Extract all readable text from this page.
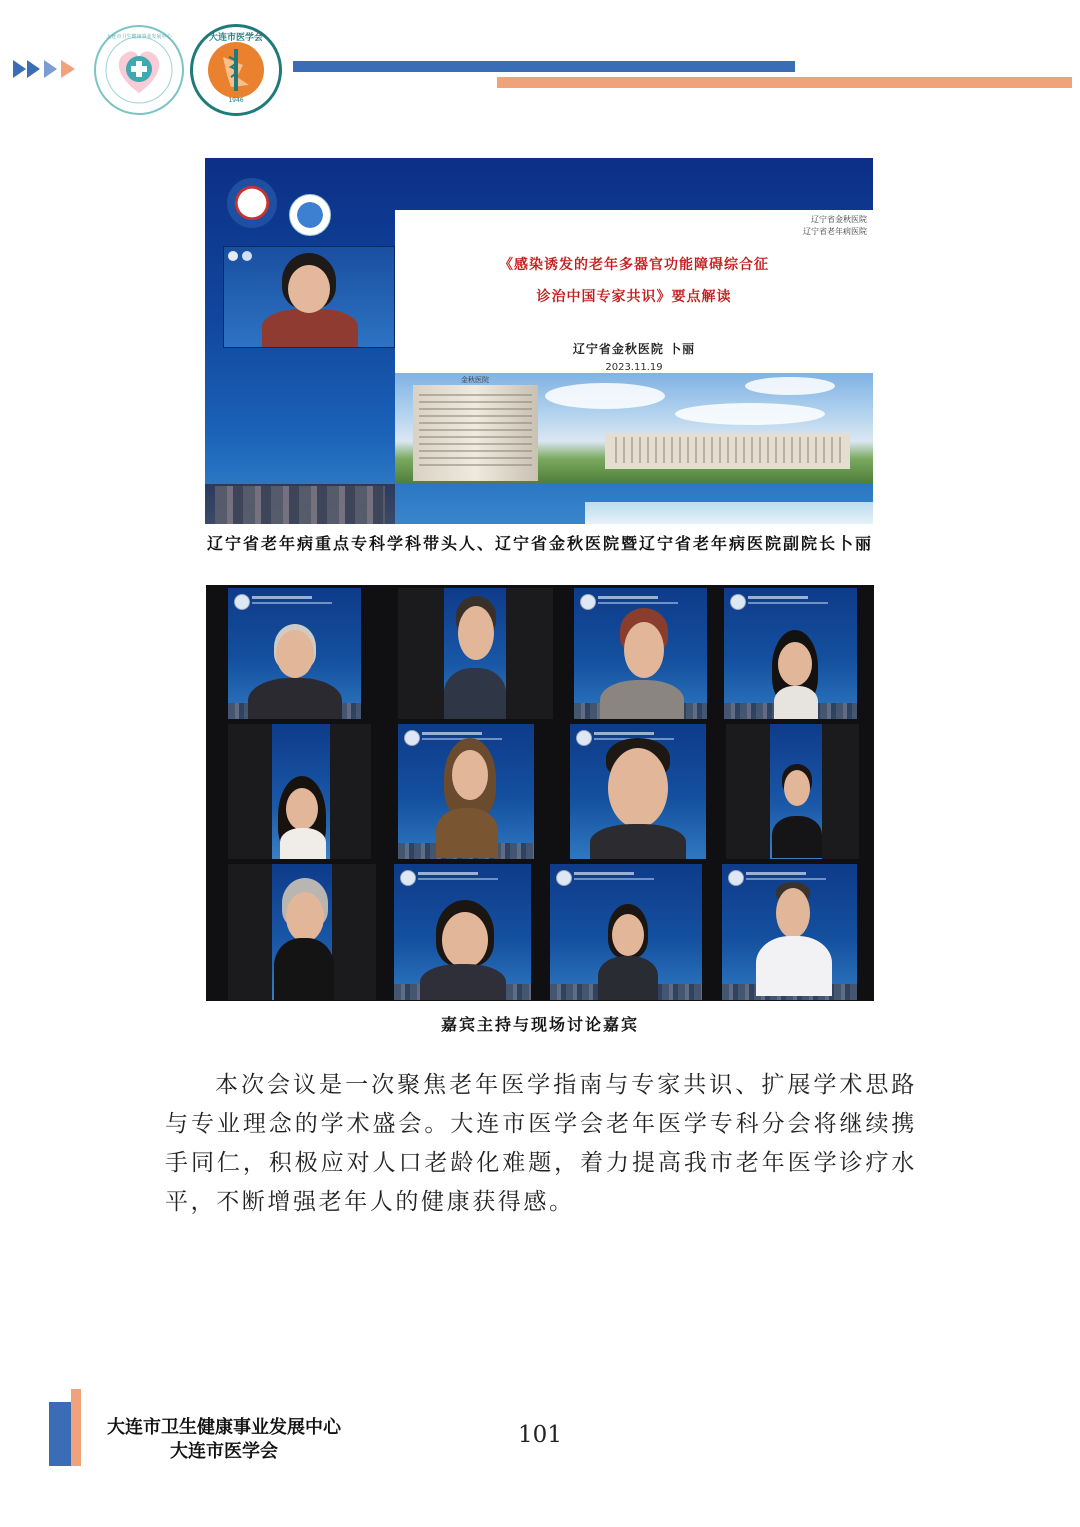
大连市卫生健康事业发展中心	大连市医学会
1946
辽宁省金秋医院
辽宁省老年病医院
《感染诱发的老年多器官功能障碍综合征
诊治中国专家共识》要点解读
辽宁省金秋医院 卜丽
2023.11.19
金秋医院
辽宁省老年病重点专科学科带头人、辽宁省金秋医院暨辽宁省老年病医院副院长卜丽
嘉宾主持与现场讨论嘉宾

本次会议是一次聚焦老年医学指南与专家共识、扩展学术思路与专业理念的学术盛会。大连市医学会老年医学专科分会将继续携手同仁，积极应对人口老龄化难题，着力提高我市老年医学诊疗水平，不断增强老年人的健康获得感。

大连市卫生健康事业发展中心
大连市医学会
101
